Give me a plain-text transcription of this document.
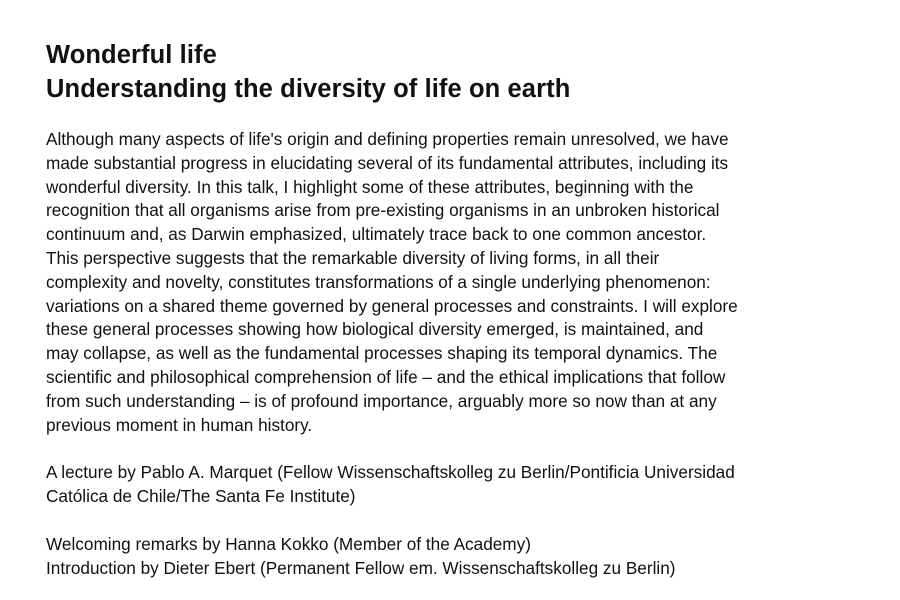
Wonderful life
Understanding the diversity of life on earth

Although many aspects of life's origin and defining properties remain unresolved, we have
made substantial progress in elucidating several of its fundamental attributes, including its
wonderful diversity. In this talk, I highlight some of these attributes, beginning with the
recognition that all organisms arise from pre-existing organisms in an unbroken historical
continuum and, as Darwin emphasized, ultimately trace back to one common ancestor.
This perspective suggests that the remarkable diversity of living forms, in all their
complexity and novelty, constitutes transformations of a single underlying phenomenon:
variations on a shared theme governed by general processes and constraints. I will explore
these general processes showing how biological diversity emerged, is maintained, and
may collapse, as well as the fundamental processes shaping its temporal dynamics. The
scientific and philosophical comprehension of life – and the ethical implications that follow
from such understanding – is of profound importance, arguably more so now than at any
previous moment in human history.

A lecture by Pablo A. Marquet (Fellow Wissenschaftskolleg zu Berlin/Pontificia Universidad
Católica de Chile/The Santa Fe Institute)
Welcoming remarks by Hanna Kokko (Member of the Academy)
Introduction by Dieter Ebert (Permanent Fellow em. Wissenschaftskolleg zu Berlin)
